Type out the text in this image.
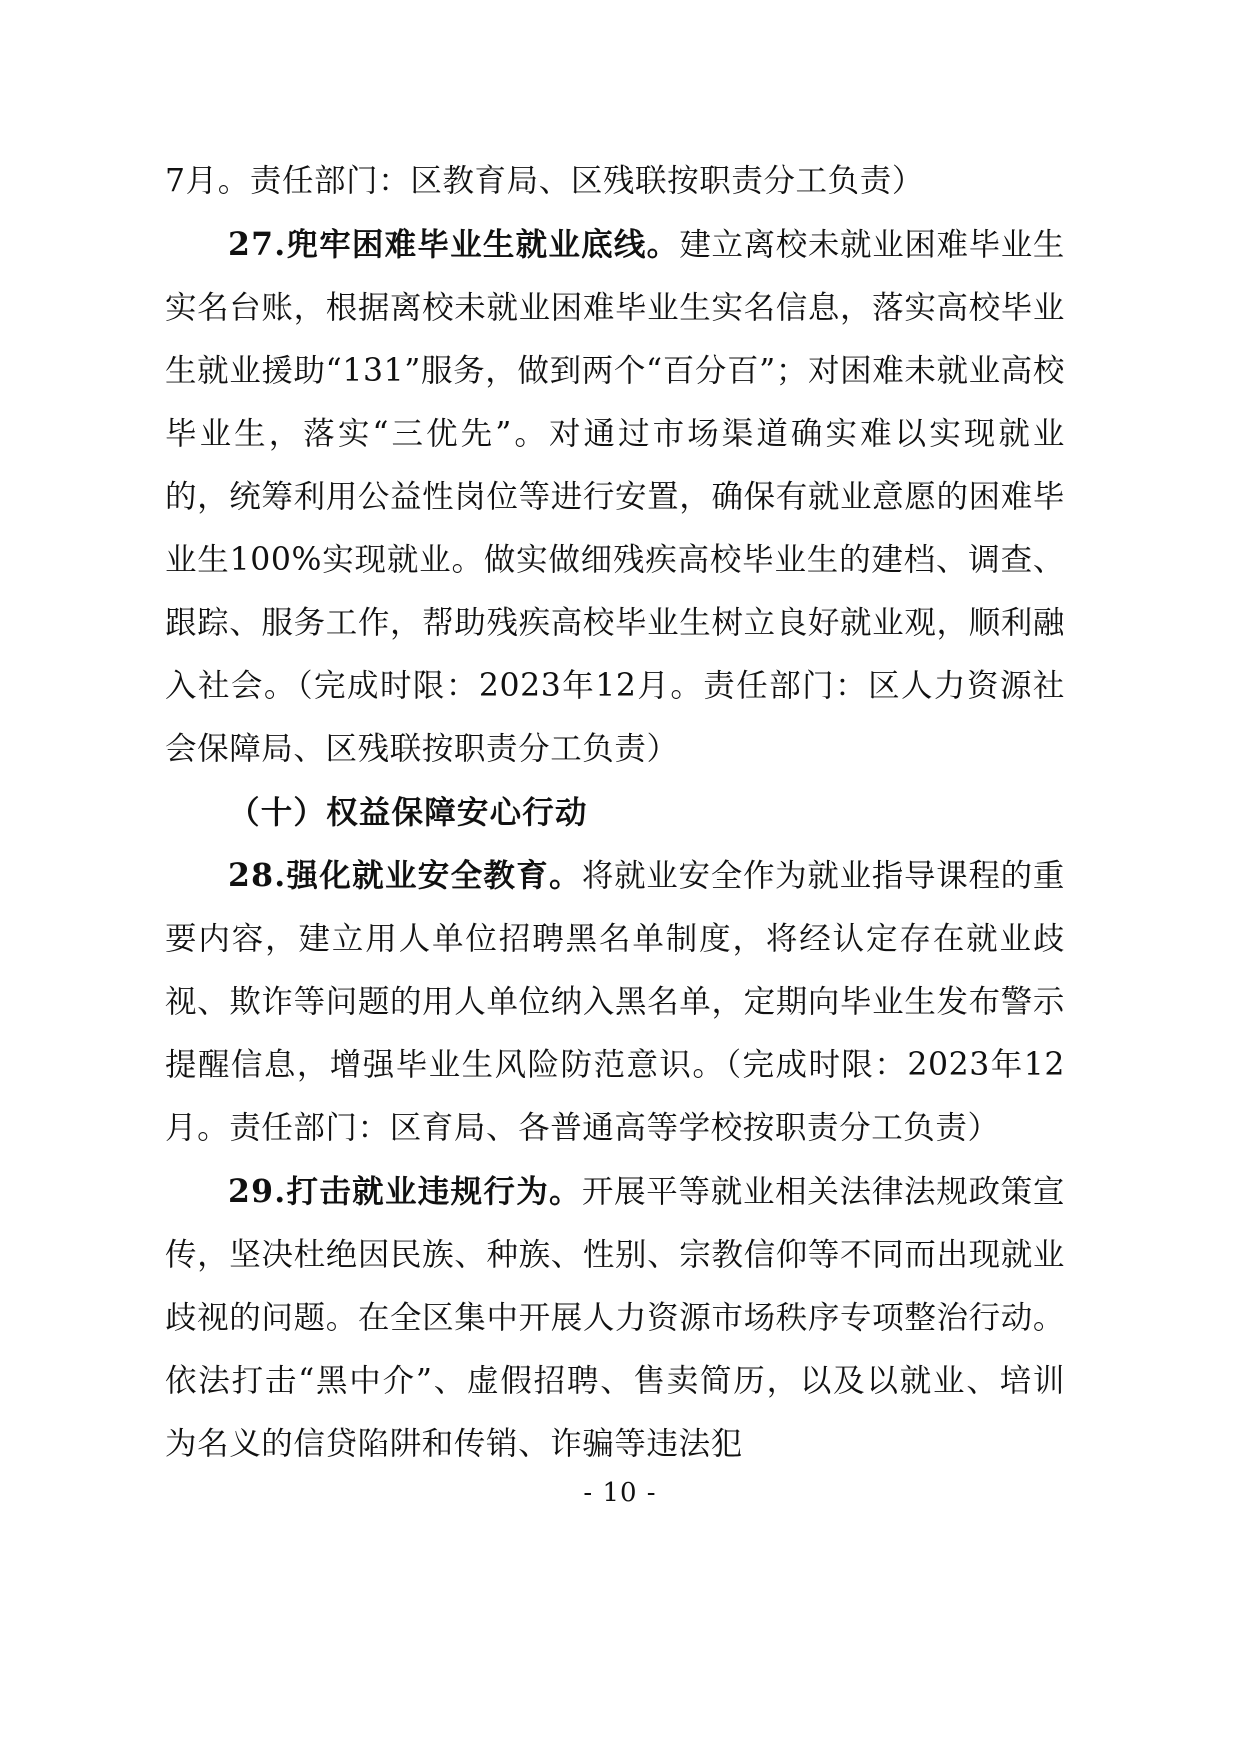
7月。责任部门：区教育局、区残联按职责分工负责）

27.兜牢困难毕业生就业底线。建立离校未就业困难毕业生实名台账，根据离校未就业困难毕业生实名信息，落实高校毕业生就业援助“131”服务，做到两个“百分百”；对困难未就业高校毕业生，落实“三优先”。对通过市场渠道确实难以实现就业的，统筹利用公益性岗位等进行安置，确保有就业意愿的困难毕业生100%实现就业。做实做细残疾高校毕业生的建档、调查、跟踪、服务工作，帮助残疾高校毕业生树立良好就业观，顺利融入社会。（完成时限：2023年12月。责任部门：区人力资源社会保障局、区残联按职责分工负责）

（十）权益保障安心行动

28.强化就业安全教育。将就业安全作为就业指导课程的重要内容，建立用人单位招聘黑名单制度，将经认定存在就业歧视、欺诈等问题的用人单位纳入黑名单，定期向毕业生发布警示提醒信息，增强毕业生风险防范意识。（完成时限：2023年12月。责任部门：区育局、各普通高等学校按职责分工负责）

29.打击就业违规行为。开展平等就业相关法律法规政策宣传，坚决杜绝因民族、种族、性别、宗教信仰等不同而出现就业歧视的问题。在全区集中开展人力资源市场秩序专项整治行动。依法打击“黑中介”、虚假招聘、售卖简历，以及以就业、培训为名义的信贷陷阱和传销、诈骗等违法犯

- 10 -
